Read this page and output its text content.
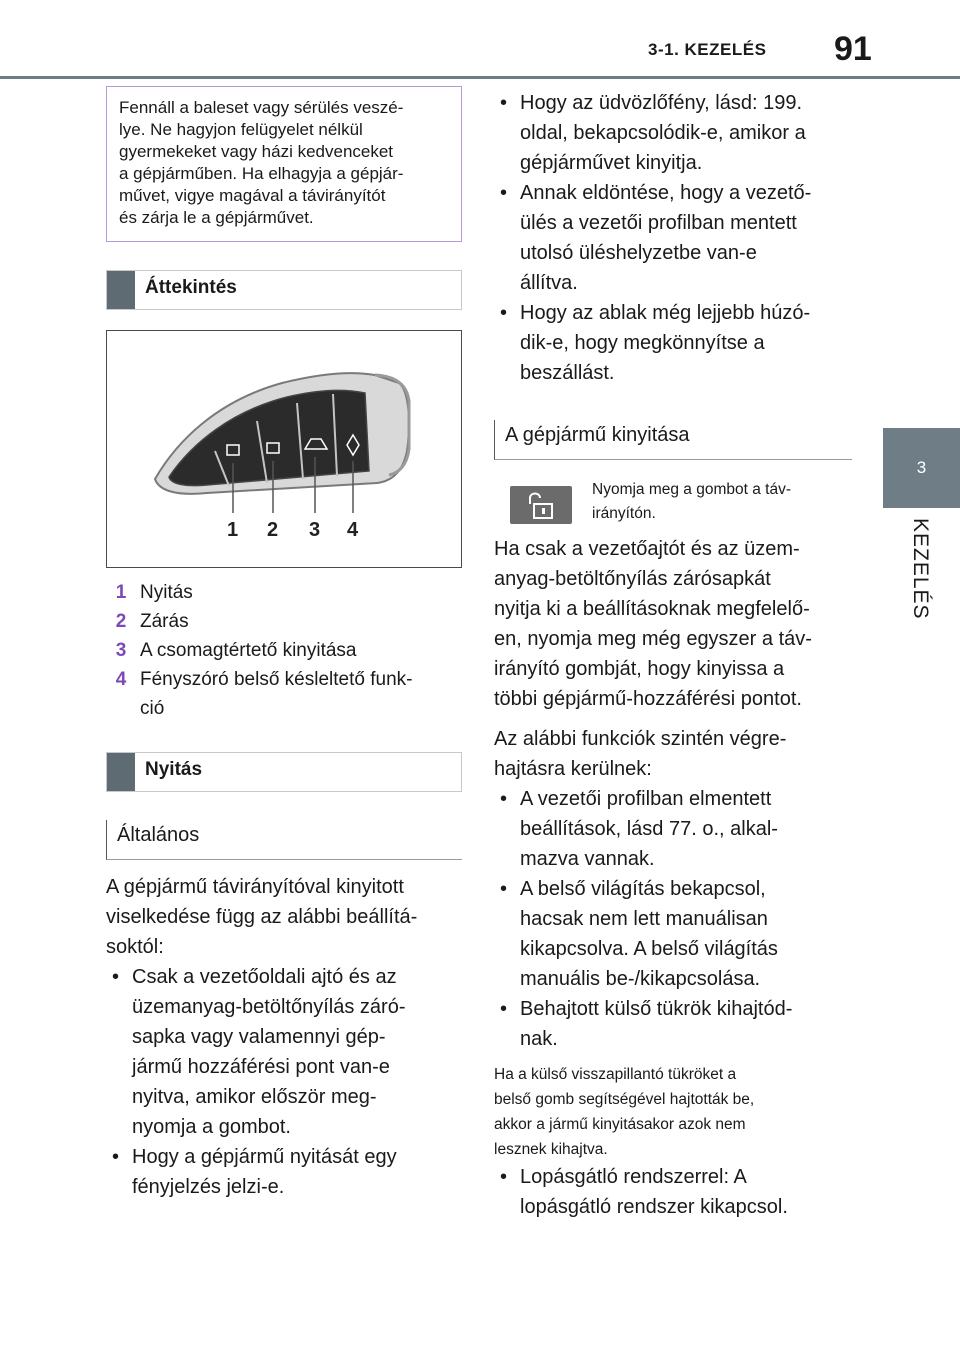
3-1. KEZELÉS 91
3
KEZELÉS

Fennáll a baleset vagy sérülés veszé-

lye. Ne hagyjon felügyelet nélkül

gyermekeket vagy házi kedvenceket

a gépjárműben. Ha elhagyja a gépjár-

művet, vigye magával a távirányítót

és zárja le a gépjárművet.

Áttekintés
1 2 3 4
1 Nyitás
2 Zárás
3 A csomagtértető kinyitása
4 Fényszóró belső késleltető funk-
ció
Nyitás
Általános

A gépjármű távirányítóval kinyitott

viselkedése függ az alábbi beállítá-

soktól:

• Csak a vezetőoldali ajtó és az

üzemanyag-betöltőnyílás záró-

sapka vagy valamennyi gép-

jármű hozzáférési pont van-e

nyitva, amikor először meg-

nyomja a gombot.

• Hogy a gépjármű nyitását egy

fényjelzés jelzi-e.

• Hogy az üdvözlőfény, lásd: 199.

oldal, bekapcsolódik-e, amikor a

gépjárművet kinyitja.

• Annak eldöntése, hogy a vezető-

ülés a vezetői profilban mentett

utolsó üléshelyzetbe van-e

állítva.

• Hogy az ablak még lejjebb húzó-

dik-e, hogy megkönnyítse a

beszállást.

A gépjármű kinyitása
Nyomja meg a gombot a táv-
irányítón.

Ha csak a vezetőajtót és az üzem-

anyag-betöltőnyílás zárósapkát

nyitja ki a beállításoknak megfelelő-

en, nyomja meg még egyszer a táv-

irányító gombját, hogy kinyissa a

többi gépjármű-hozzáférési pontot.

Az alábbi funkciók szintén végre-

hajtásra kerülnek:

• A vezetői profilban elmentett

beállítások, lásd 77. o., alkal-

mazva vannak.

• A belső világítás bekapcsol,

hacsak nem lett manuálisan

kikapcsolva. A belső világítás

manuális be-/kikapcsolása.

• Behajtott külső tükrök kihajtód-

nak.

Ha a külső visszapillantó tükröket a

belső gomb segítségével hajtották be,

akkor a jármű kinyitásakor azok nem

lesznek kihajtva.

• Lopásgátló rendszerrel: A

lopásgátló rendszer kikapcsol.
